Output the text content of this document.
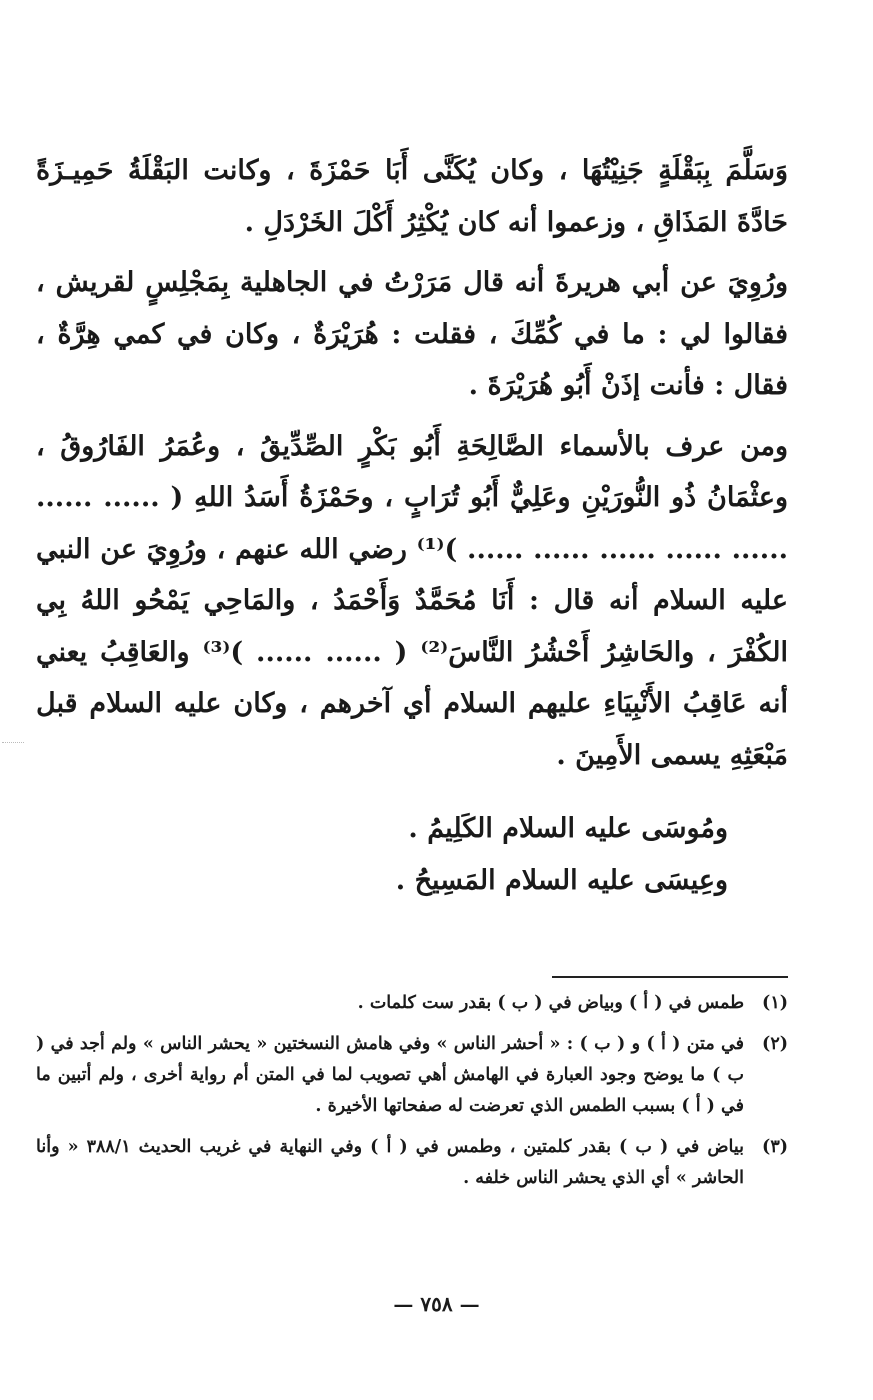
وَسَلَّمَ بِبَقْلَةٍ جَنِيْتُهَا ، وكان يُكَنَّى أَبَا حَمْزَةَ ، وكانت البَقْلَةُ حَمِيـزَةً حَادَّةَ المَذَاقِ ، وزعموا أنه كان يُكْثِرُ أَكْلَ الخَرْدَلِ .

ورُوِيَ عن أبي هريرةَ أنه قال مَرَرْتُ في الجاهلية بِمَجْلِسٍ لقريش ، فقالوا لي : ما في كُمِّكَ ، فقلت : هُرَيْرَةٌ ، وكان في كمي هِرَّةٌ ، فقال : فأنت إذَنْ أَبُو هُرَيْرَةَ .

ومن عرف بالأسماء الصَّالِحَةِ أَبُو بَكْرٍ الصِّدِّيقُ ، وعُمَرُ الفَارُوقُ ، وعثْمَانُ ذُو النُّورَيْنِ وعَلِيٌّ أَبُو تُرَابٍ ، وحَمْزَةُ أَسَدُ اللهِ ( ...... ...... ...... ...... ...... ...... ...... )⁽¹⁾ رضي الله عنهم ، ورُوِيَ عن النبي عليه السلام أنه قال : أَنَا مُحَمَّدٌ وَأَحْمَدُ ، والمَاحِي يَمْحُو اللهُ بِي الكُفْرَ ، والحَاشِرُ أَحْشُرُ النَّاسَ⁽²⁾ ( ...... ...... )⁽³⁾ والعَاقِبُ يعني أنه عَاقِبُ الأَنْبِيَاءِ عليهم السلام أي آخرهم ، وكان عليه السلام قبل مَبْعَثِهِ يسمى الأَمِينَ .

ومُوسَى عليه السلام الكَلِيمُ .

وعِيسَى عليه السلام المَسِيحُ .

(١)
طمس في ( أ ) وبياض في ( ب ) بقدر ست كلمات .
(٢)
في متن ( أ ) و ( ب ) : « أحشر الناس » وفي هامش النسختين « يحشر الناس » ولم أجد في ( ب ) ما يوضح وجود العبارة في الهامش أهي تصويب لما في المتن أم رواية أخرى ، ولم أتبين ما في ( أ ) بسبب الطمس الذي تعرضت له صفحاتها الأخيرة .
(٣)
بياض في ( ب ) بقدر كلمتين ، وطمس في ( أ ) وفي النهاية في غريب الحديث ٣٨٨/١ « وأنا الحاشر » أي الذي يحشر الناس خلفه .
— ٧٥٨ —
